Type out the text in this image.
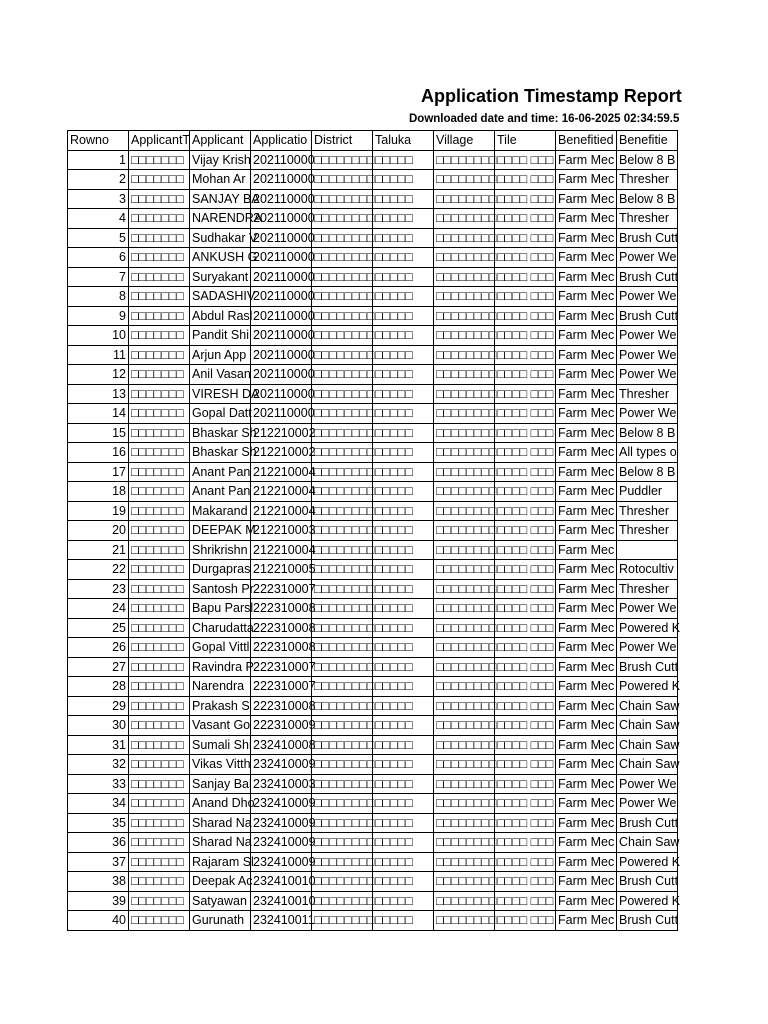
Application Timestamp Report
Downloaded date and time: 16-06-2025 02:34:59.5
Rowno	ApplicantT	Applicant	Applicatio	District	Taluka	Village	Tile	Benefitied	Benefitie
1	□□□□□□□	Vijay Krish	202110000	□□□□□□□□	□□□□□	□□□□□□□□	□□□□ □□□	Farm Mec	Below 8 B
2	□□□□□□□	Mohan Ar	202110000	□□□□□□□□	□□□□□	□□□□□□□□	□□□□ □□□	Farm Mec	Thresher
3	□□□□□□□	SANJAY BA	202110000	□□□□□□□□	□□□□□	□□□□□□□□	□□□□ □□□	Farm Mec	Below 8 B
4	□□□□□□□	NARENDRA	202110000	□□□□□□□□	□□□□□	□□□□□□□□	□□□□ □□□	Farm Mec	Thresher
5	□□□□□□□	Sudhakar V	202110000	□□□□□□□□	□□□□□	□□□□□□□□	□□□□ □□□	Farm Mec	Brush Cutt
6	□□□□□□□	ANKUSH G	202110000	□□□□□□□□	□□□□□	□□□□□□□□	□□□□ □□□	Farm Mec	Power We
7	□□□□□□□	Suryakant	202110000	□□□□□□□□	□□□□□	□□□□□□□□	□□□□ □□□	Farm Mec	Brush Cutt
8	□□□□□□□	SADASHIV	202110000	□□□□□□□□	□□□□□	□□□□□□□□	□□□□ □□□	Farm Mec	Power We
9	□□□□□□□	Abdul Rasl	202110000	□□□□□□□□	□□□□□	□□□□□□□□	□□□□ □□□	Farm Mec	Brush Cutt
10	□□□□□□□	Pandit Shi	202110000	□□□□□□□□	□□□□□	□□□□□□□□	□□□□ □□□	Farm Mec	Power We
11	□□□□□□□	Arjun App	202110000	□□□□□□□□	□□□□□	□□□□□□□□	□□□□ □□□	Farm Mec	Power We
12	□□□□□□□	Anil Vasan	202110000	□□□□□□□□	□□□□□	□□□□□□□□	□□□□ □□□	Farm Mec	Power We
13	□□□□□□□	VIRESH DA	202110000	□□□□□□□□	□□□□□	□□□□□□□□	□□□□ □□□	Farm Mec	Thresher
14	□□□□□□□	Gopal Datt	202110000	□□□□□□□□	□□□□□	□□□□□□□□	□□□□ □□□	Farm Mec	Power We
15	□□□□□□□	Bhaskar Sh	212210002	□□□□□□□□	□□□□□	□□□□□□□□	□□□□ □□□	Farm Mec	Below 8 B
16	□□□□□□□	Bhaskar Sh	212210002	□□□□□□□□	□□□□□	□□□□□□□□	□□□□ □□□	Farm Mec	All types o
17	□□□□□□□	Anant Pan	212210004	□□□□□□□□	□□□□□	□□□□□□□□	□□□□ □□□	Farm Mec	Below 8 B
18	□□□□□□□	Anant Pan	212210004	□□□□□□□□	□□□□□	□□□□□□□□	□□□□ □□□	Farm Mec	Puddler
19	□□□□□□□	Makarand	212210004	□□□□□□□□	□□□□□	□□□□□□□□	□□□□ □□□	Farm Mec	Thresher
20	□□□□□□□	DEEPAK M	212210003	□□□□□□□□	□□□□□	□□□□□□□□	□□□□ □□□	Farm Mec	Thresher
21	□□□□□□□	Shrikrishn	212210004	□□□□□□□□	□□□□□	□□□□□□□□	□□□□ □□□	Farm Mec	
22	□□□□□□□	Durgapras	212210005	□□□□□□□□	□□□□□	□□□□□□□□	□□□□ □□□	Farm Mec	Rotocultiv
23	□□□□□□□	Santosh Pr	222310007	□□□□□□□□	□□□□□	□□□□□□□□	□□□□ □□□	Farm Mec	Thresher
24	□□□□□□□	Bapu Parsl	222310008	□□□□□□□□	□□□□□	□□□□□□□□	□□□□ □□□	Farm Mec	Power We
25	□□□□□□□	Charudatta	222310008	□□□□□□□□	□□□□□	□□□□□□□□	□□□□ □□□	Farm Mec	Powered K
26	□□□□□□□	Gopal Vittl	222310008	□□□□□□□□	□□□□□	□□□□□□□□	□□□□ □□□	Farm Mec	Power We
27	□□□□□□□	Ravindra P	222310007	□□□□□□□□	□□□□□	□□□□□□□□	□□□□ □□□	Farm Mec	Brush Cutt
28	□□□□□□□	Narendra	222310007	□□□□□□□□	□□□□□	□□□□□□□□	□□□□ □□□	Farm Mec	Powered K
29	□□□□□□□	Prakash S	222310008	□□□□□□□□	□□□□□	□□□□□□□□	□□□□ □□□	Farm Mec	Chain Saw
30	□□□□□□□	Vasant Go	222310009	□□□□□□□□	□□□□□	□□□□□□□□	□□□□ □□□	Farm Mec	Chain Saw
31	□□□□□□□	Sumali Shi	232410008	□□□□□□□□	□□□□□	□□□□□□□□	□□□□ □□□	Farm Mec	Chain Saw
32	□□□□□□□	Vikas Vitth	232410009	□□□□□□□□	□□□□□	□□□□□□□□	□□□□ □□□	Farm Mec	Chain Saw
33	□□□□□□□	Sanjay Bal	232410003	□□□□□□□□	□□□□□	□□□□□□□□	□□□□ □□□	Farm Mec	Power We
34	□□□□□□□	Anand Dho	232410009	□□□□□□□□	□□□□□	□□□□□□□□	□□□□ □□□	Farm Mec	Power We
35	□□□□□□□	Sharad Na	232410009	□□□□□□□□	□□□□□	□□□□□□□□	□□□□ □□□	Farm Mec	Brush Cutt
36	□□□□□□□	Sharad Na	232410009	□□□□□□□□	□□□□□	□□□□□□□□	□□□□ □□□	Farm Mec	Chain Saw
37	□□□□□□□	Rajaram Sl	232410009	□□□□□□□□	□□□□□	□□□□□□□□	□□□□ □□□	Farm Mec	Powered K
38	□□□□□□□	Deepak Ac	232410010	□□□□□□□□	□□□□□	□□□□□□□□	□□□□ □□□	Farm Mec	Brush Cutt
39	□□□□□□□	Satyawan	232410010	□□□□□□□□	□□□□□	□□□□□□□□	□□□□ □□□	Farm Mec	Powered K
40	□□□□□□□	Gurunath	232410011	□□□□□□□□	□□□□□	□□□□□□□□	□□□□ □□□	Farm Mec	Brush Cutt
